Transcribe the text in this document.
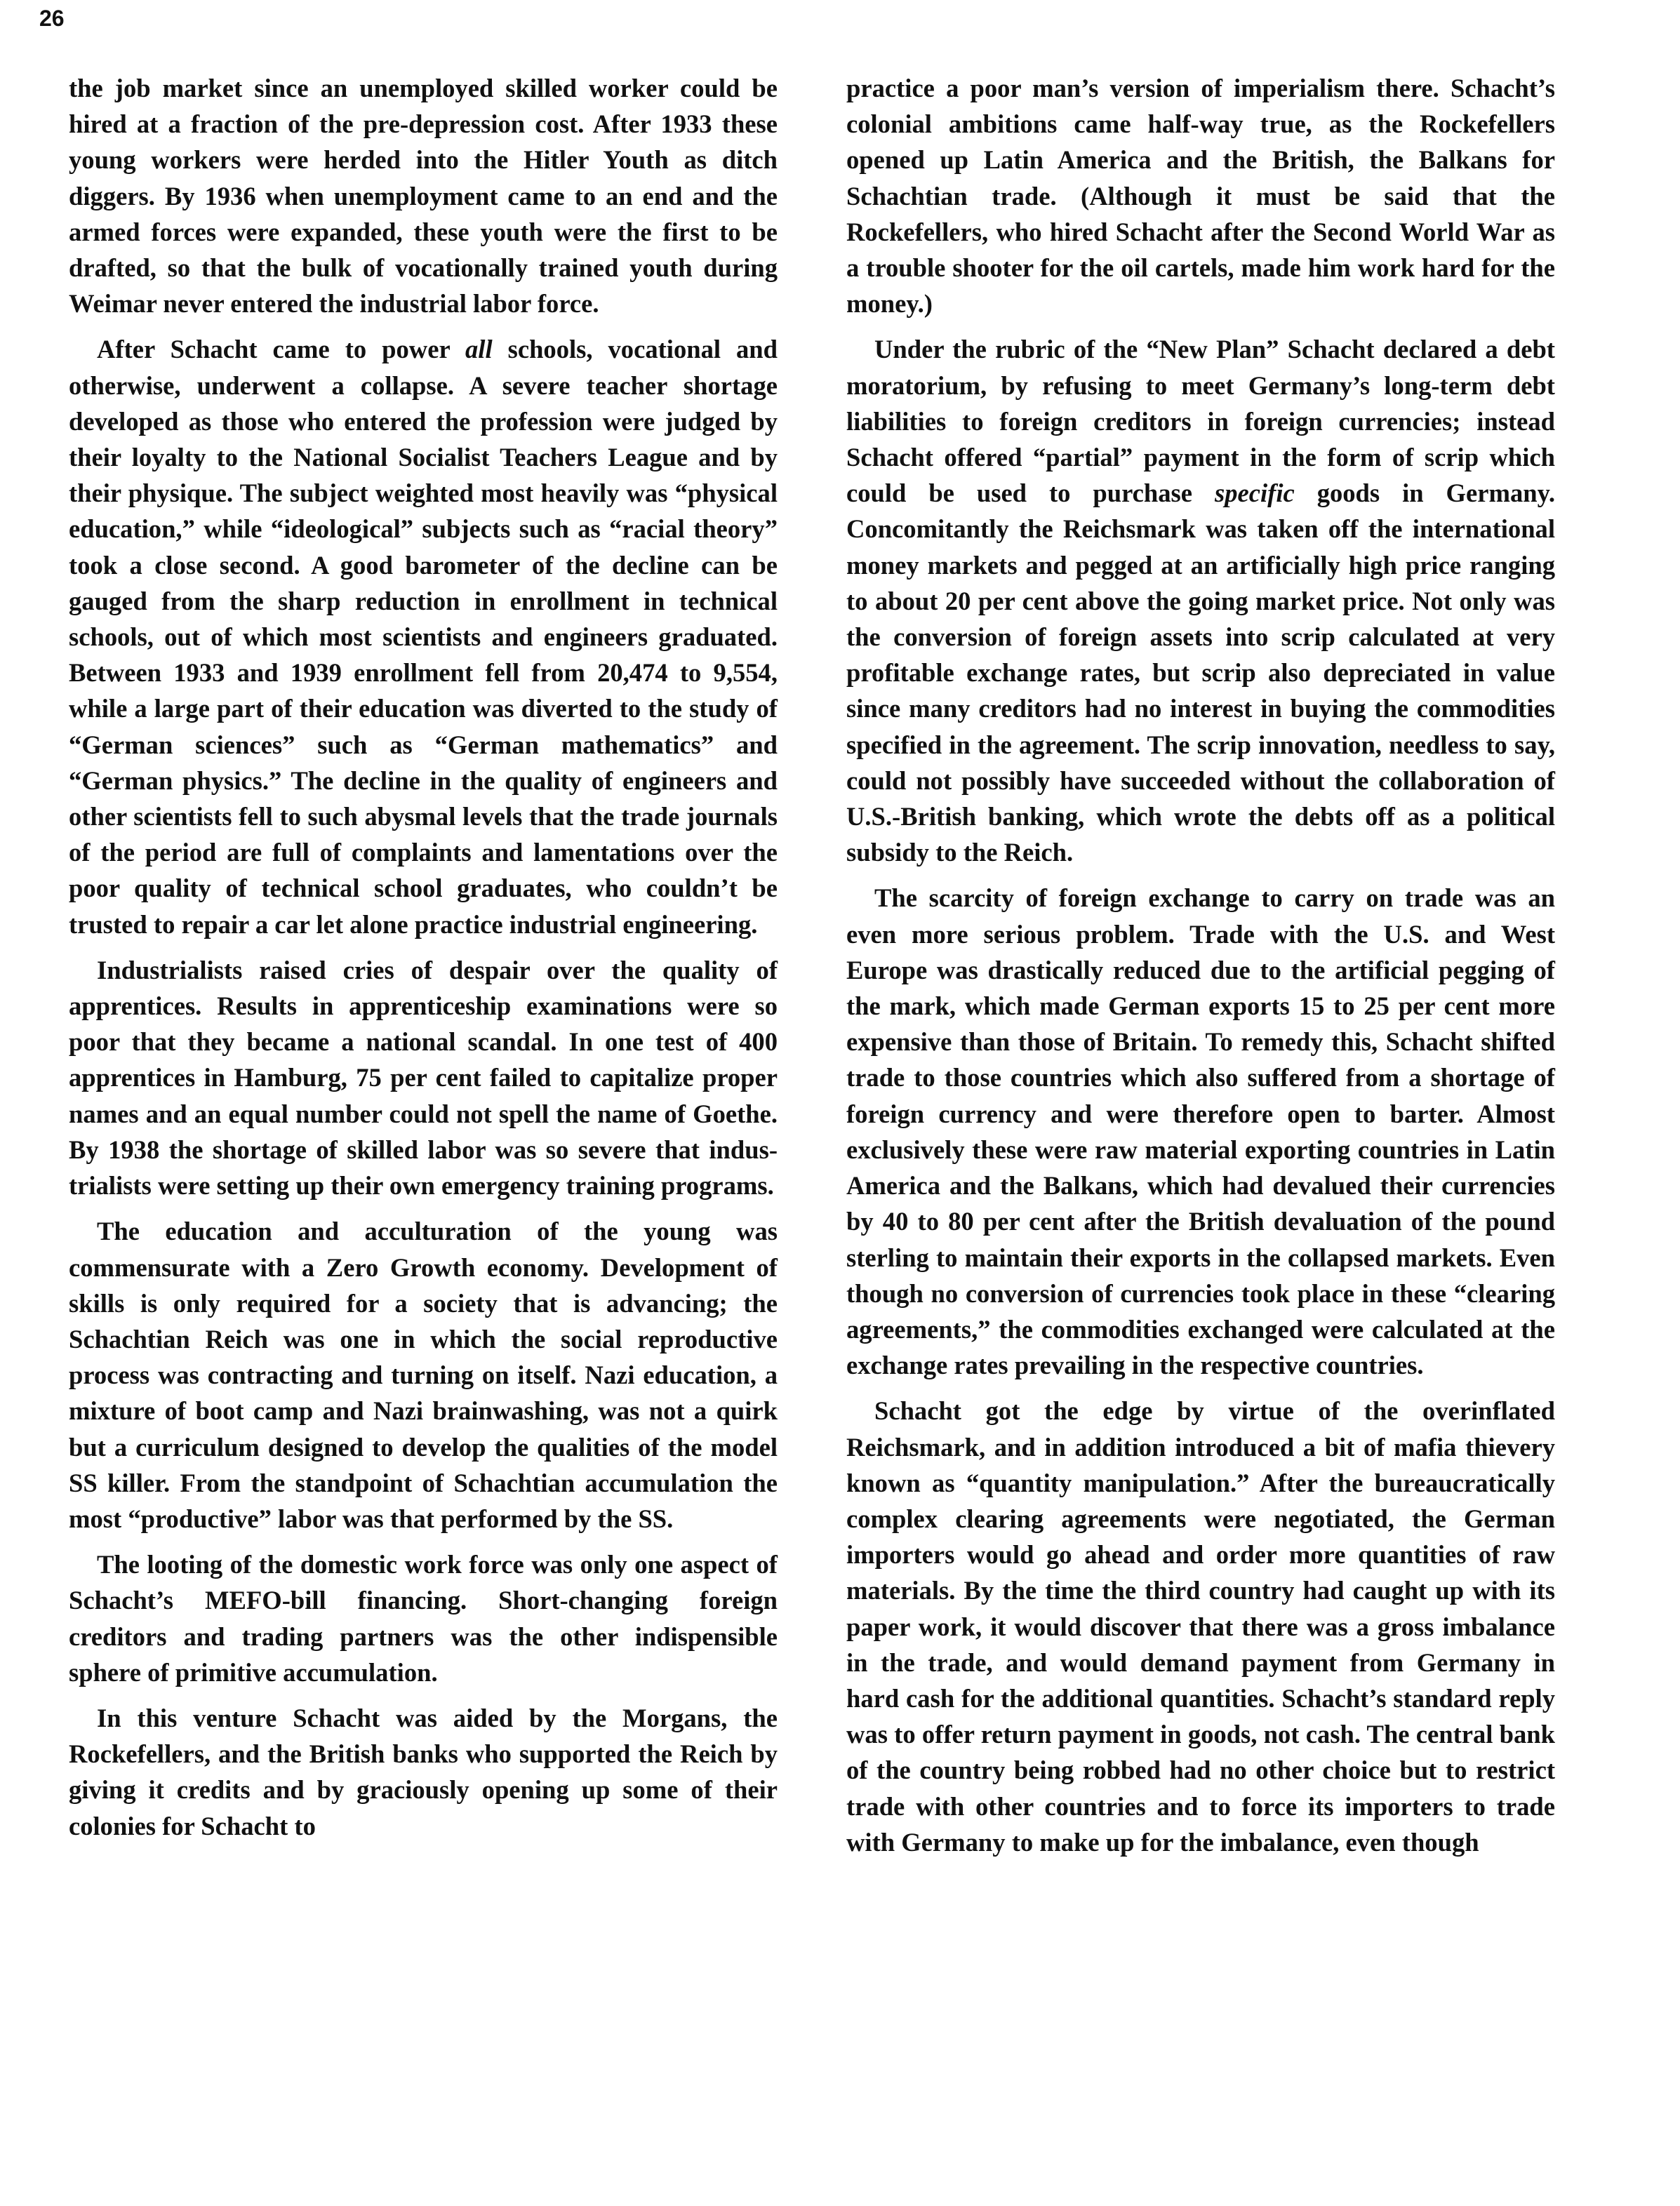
26

the job market since an unemployed skilled worker could be hired at a fraction of the pre-depression cost. After 1933 these young workers were herded into the Hitler Youth as ditch diggers. By 1936 when unemployment came to an end and the armed forces were expanded, these youth were the first to be drafted, so that the bulk of vocationally trained youth during Weimar never entered the industrial labor force.

After Schacht came to power all schools, vocational and otherwise, underwent a collapse. A severe teacher shortage developed as those who entered the profession were judged by their loyalty to the National Socialist Teachers League and by their physique. The subject weighted most heavily was “physical education,” while “ideological” subjects such as “racial theory” took a close second. A good barometer of the decline can be gauged from the sharp reduction in enrollment in technical schools, out of which most scientists and engineers graduated. Between 1933 and 1939 enrollment fell from 20,474 to 9,554, while a large part of their education was diverted to the study of “German sciences” such as “German mathematics” and “German physics.” The decline in the quality of engineers and other scientists fell to such abysmal levels that the trade journals of the period are full of complaints and lamentations over the poor quality of technical school graduates, who couldn’t be trusted to repair a car let alone practice industrial engineering.

Industrialists raised cries of despair over the quality of apprentices. Results in apprenticeship examinations were so poor that they became a national scandal. In one test of 400 apprentices in Hamburg, 75 per cent failed to capitalize proper names and an equal number could not spell the name of Goethe. By 1938 the shortage of skilled labor was so severe that industrialists were setting up their own emergency training programs.

The education and acculturation of the young was commensurate with a Zero Growth economy. Development of skills is only required for a society that is advancing; the Schachtian Reich was one in which the social reproductive process was contracting and turning on itself. Nazi education, a mixture of boot camp and Nazi brainwashing, was not a quirk but a curriculum designed to develop the qualities of the model SS killer. From the standpoint of Schachtian accumulation the most “productive” labor was that performed by the SS.

The looting of the domestic work force was only one aspect of Schacht’s MEFO-bill financing. Short-changing foreign creditors and trading partners was the other indispensible sphere of primitive accumulation.

In this venture Schacht was aided by the Morgans, the Rockefellers, and the British banks who supported the Reich by giving it credits and by graciously opening up some of their colonies for Schacht to

practice a poor man’s version of imperialism there. Schacht’s colonial ambitions came half-way true, as the Rockefellers opened up Latin America and the British, the Balkans for Schachtian trade. (Although it must be said that the Rockefellers, who hired Schacht after the Second World War as a trouble shooter for the oil cartels, made him work hard for the money.)

Under the rubric of the “New Plan” Schacht declared a debt moratorium, by refusing to meet Germany’s long-term debt liabilities to foreign creditors in foreign currencies; instead Schacht offered “partial” payment in the form of scrip which could be used to purchase specific goods in Germany. Concomitantly the Reichsmark was taken off the international money markets and pegged at an artificially high price ranging to about 20 per cent above the going market price. Not only was the conversion of foreign assets into scrip calculated at very profitable exchange rates, but scrip also depreciated in value since many creditors had no interest in buying the commodities specified in the agreement. The scrip innovation, needless to say, could not possibly have succeeded without the collaboration of U.S.-British banking, which wrote the debts off as a political subsidy to the Reich.

The scarcity of foreign exchange to carry on trade was an even more serious problem. Trade with the U.S. and West Europe was drastically reduced due to the artificial pegging of the mark, which made German exports 15 to 25 per cent more expensive than those of Britain. To remedy this, Schacht shifted trade to those countries which also suffered from a shortage of foreign currency and were therefore open to barter. Almost exclusively these were raw material exporting countries in Latin America and the Balkans, which had devalued their currencies by 40 to 80 per cent after the British devaluation of the pound sterling to maintain their exports in the collapsed markets. Even though no conversion of currencies took place in these “clearing agreements,” the commodities exchanged were calculated at the exchange rates prevailing in the respective countries.

Schacht got the edge by virtue of the overinflated Reichsmark, and in addition introduced a bit of mafia thievery known as “quantity manipulation.” After the bureaucratically complex clearing agreements were negotiated, the German importers would go ahead and order more quantities of raw materials. By the time the third country had caught up with its paper work, it would discover that there was a gross imbalance in the trade, and would demand payment from Germany in hard cash for the additional quantities. Schacht’s standard reply was to offer return payment in goods, not cash. The central bank of the country being robbed had no other choice but to restrict trade with other countries and to force its importers to trade with Germany to make up for the imbalance, even though
